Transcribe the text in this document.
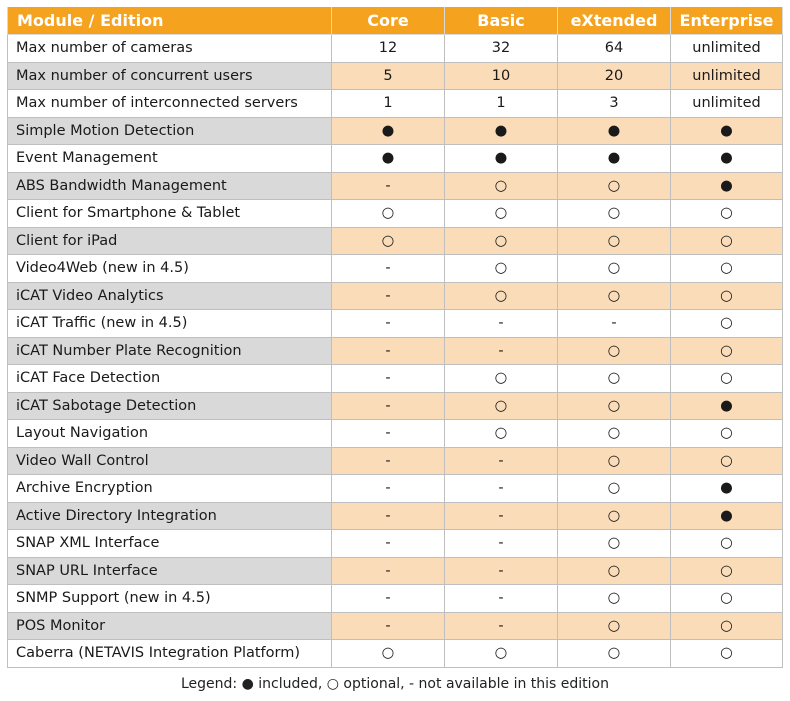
Module / Edition	Core	Basic	eXtended	Enterprise
Max number of cameras	12	32	64	unlimited
Max number of concurrent users	5	10	20	unlimited
Max number of interconnected servers	1	1	3	unlimited
Simple Motion Detection	●	●	●	●
Event Management	●	●	●	●
ABS Bandwidth Management	-	○	○	●
Client for Smartphone & Tablet	○	○	○	○
Client for iPad	○	○	○	○
Video4Web (new in 4.5)	-	○	○	○
iCAT Video Analytics	-	○	○	○
iCAT Traffic (new in 4.5)	-	-	-	○
iCAT Number Plate Recognition	-	-	○	○
iCAT Face Detection	-	○	○	○
iCAT Sabotage Detection	-	○	○	●
Layout Navigation	-	○	○	○
Video Wall Control	-	-	○	○
Archive Encryption	-	-	○	●
Active Directory Integration	-	-	○	●
SNAP XML Interface	-	-	○	○
SNAP URL Interface	-	-	○	○
SNMP Support (new in 4.5)	-	-	○	○
POS Monitor	-	-	○	○
Caberra (NETAVIS Integration Platform)	○	○	○	○
Legend: ● included, ○ optional, - not available in this edition
